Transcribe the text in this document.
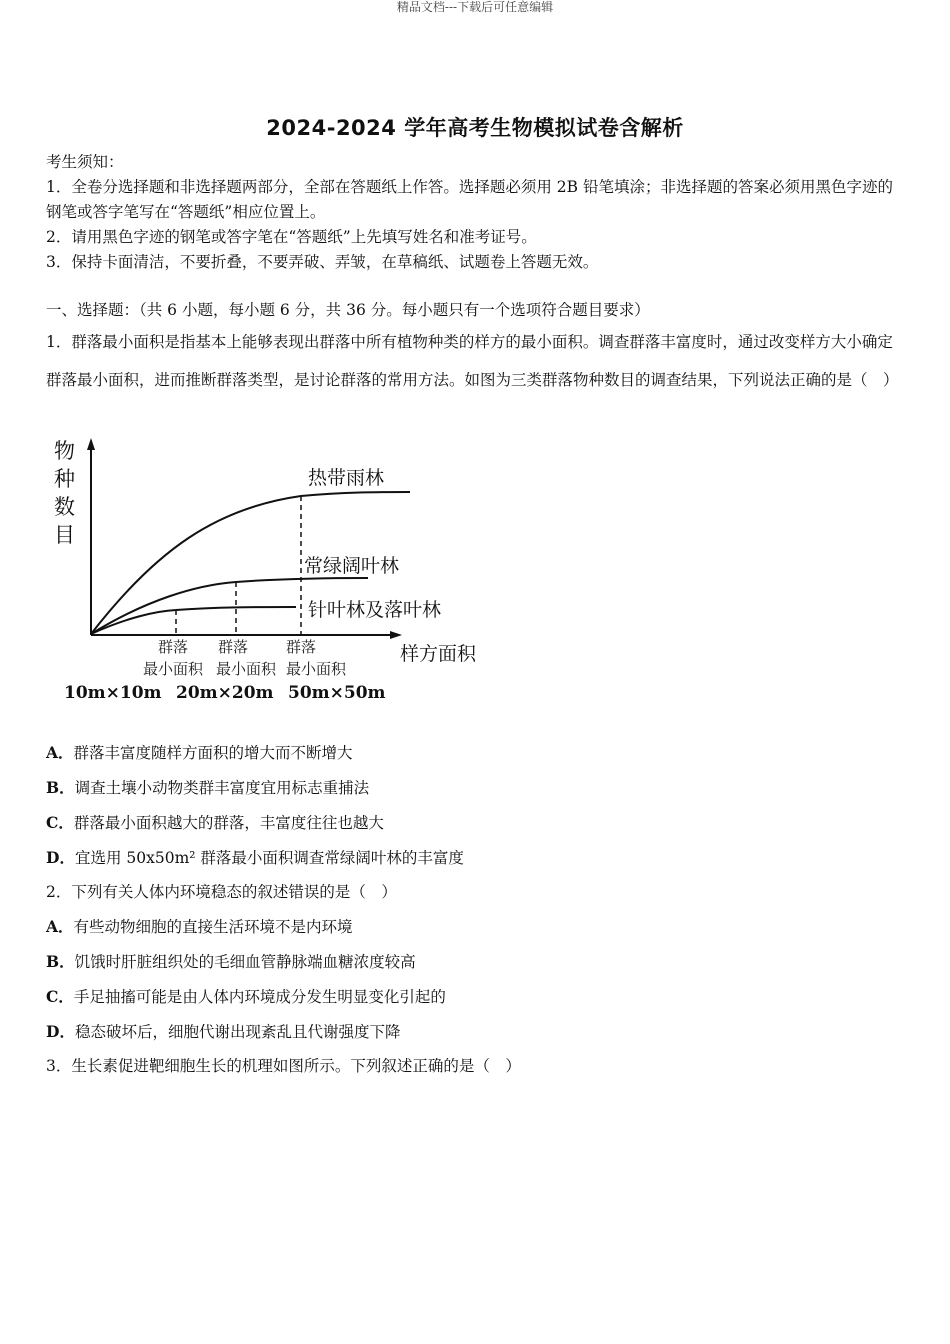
精品文档---下载后可任意编辑
2024-2024 学年高考生物模拟试卷含解析

考生须知：

1．全卷分选择题和非选择题两部分，全部在答题纸上作答。选择题必须用 2B 铅笔填涂；非选择题的答案必须用黑色字迹的钢笔或答字笔写在“答题纸”相应位置上。

2．请用黑色字迹的钢笔或答字笔在“答题纸”上先填写姓名和准考证号。

3．保持卡面清洁，不要折叠，不要弄破、弄皱，在草稿纸、试题卷上答题无效。

一、选择题：（共 6 小题，每小题 6 分，共 36 分。每小题只有一个选项符合题目要求）

1．群落最小面积是指基本上能够表现出群落中所有植物种类的样方的最小面积。调查群落丰富度时，通过改变样方大小确定群落最小面积，进而推断群落类型，是讨论群落的常用方法。如图为三类群落物种数目的调查结果，下列说法正确的是（　）

物
种
数
目
热带雨林
常绿阔叶林
针叶林及落叶林
样方面积
群落 群落	群落
最小面积 最小面积 最小面积
10m×10m 20m×20m 50m×50m

A．群落丰富度随样方面积的增大而不断增大

B．调查土壤小动物类群丰富度宜用标志重捕法

C．群落最小面积越大的群落，丰富度往往也越大

D．宜选用 50x50m² 群落最小面积调查常绿阔叶林的丰富度

2．下列有关人体内环境稳态的叙述错误的是（　）

A．有些动物细胞的直接生活环境不是内环境

B．饥饿时肝脏组织处的毛细血管静脉端血糖浓度较高

C．手足抽搐可能是由人体内环境成分发生明显变化引起的

D．稳态破坏后，细胞代谢出现紊乱且代谢强度下降

3．生长素促进靶细胞生长的机理如图所示。下列叙述正确的是（　）
